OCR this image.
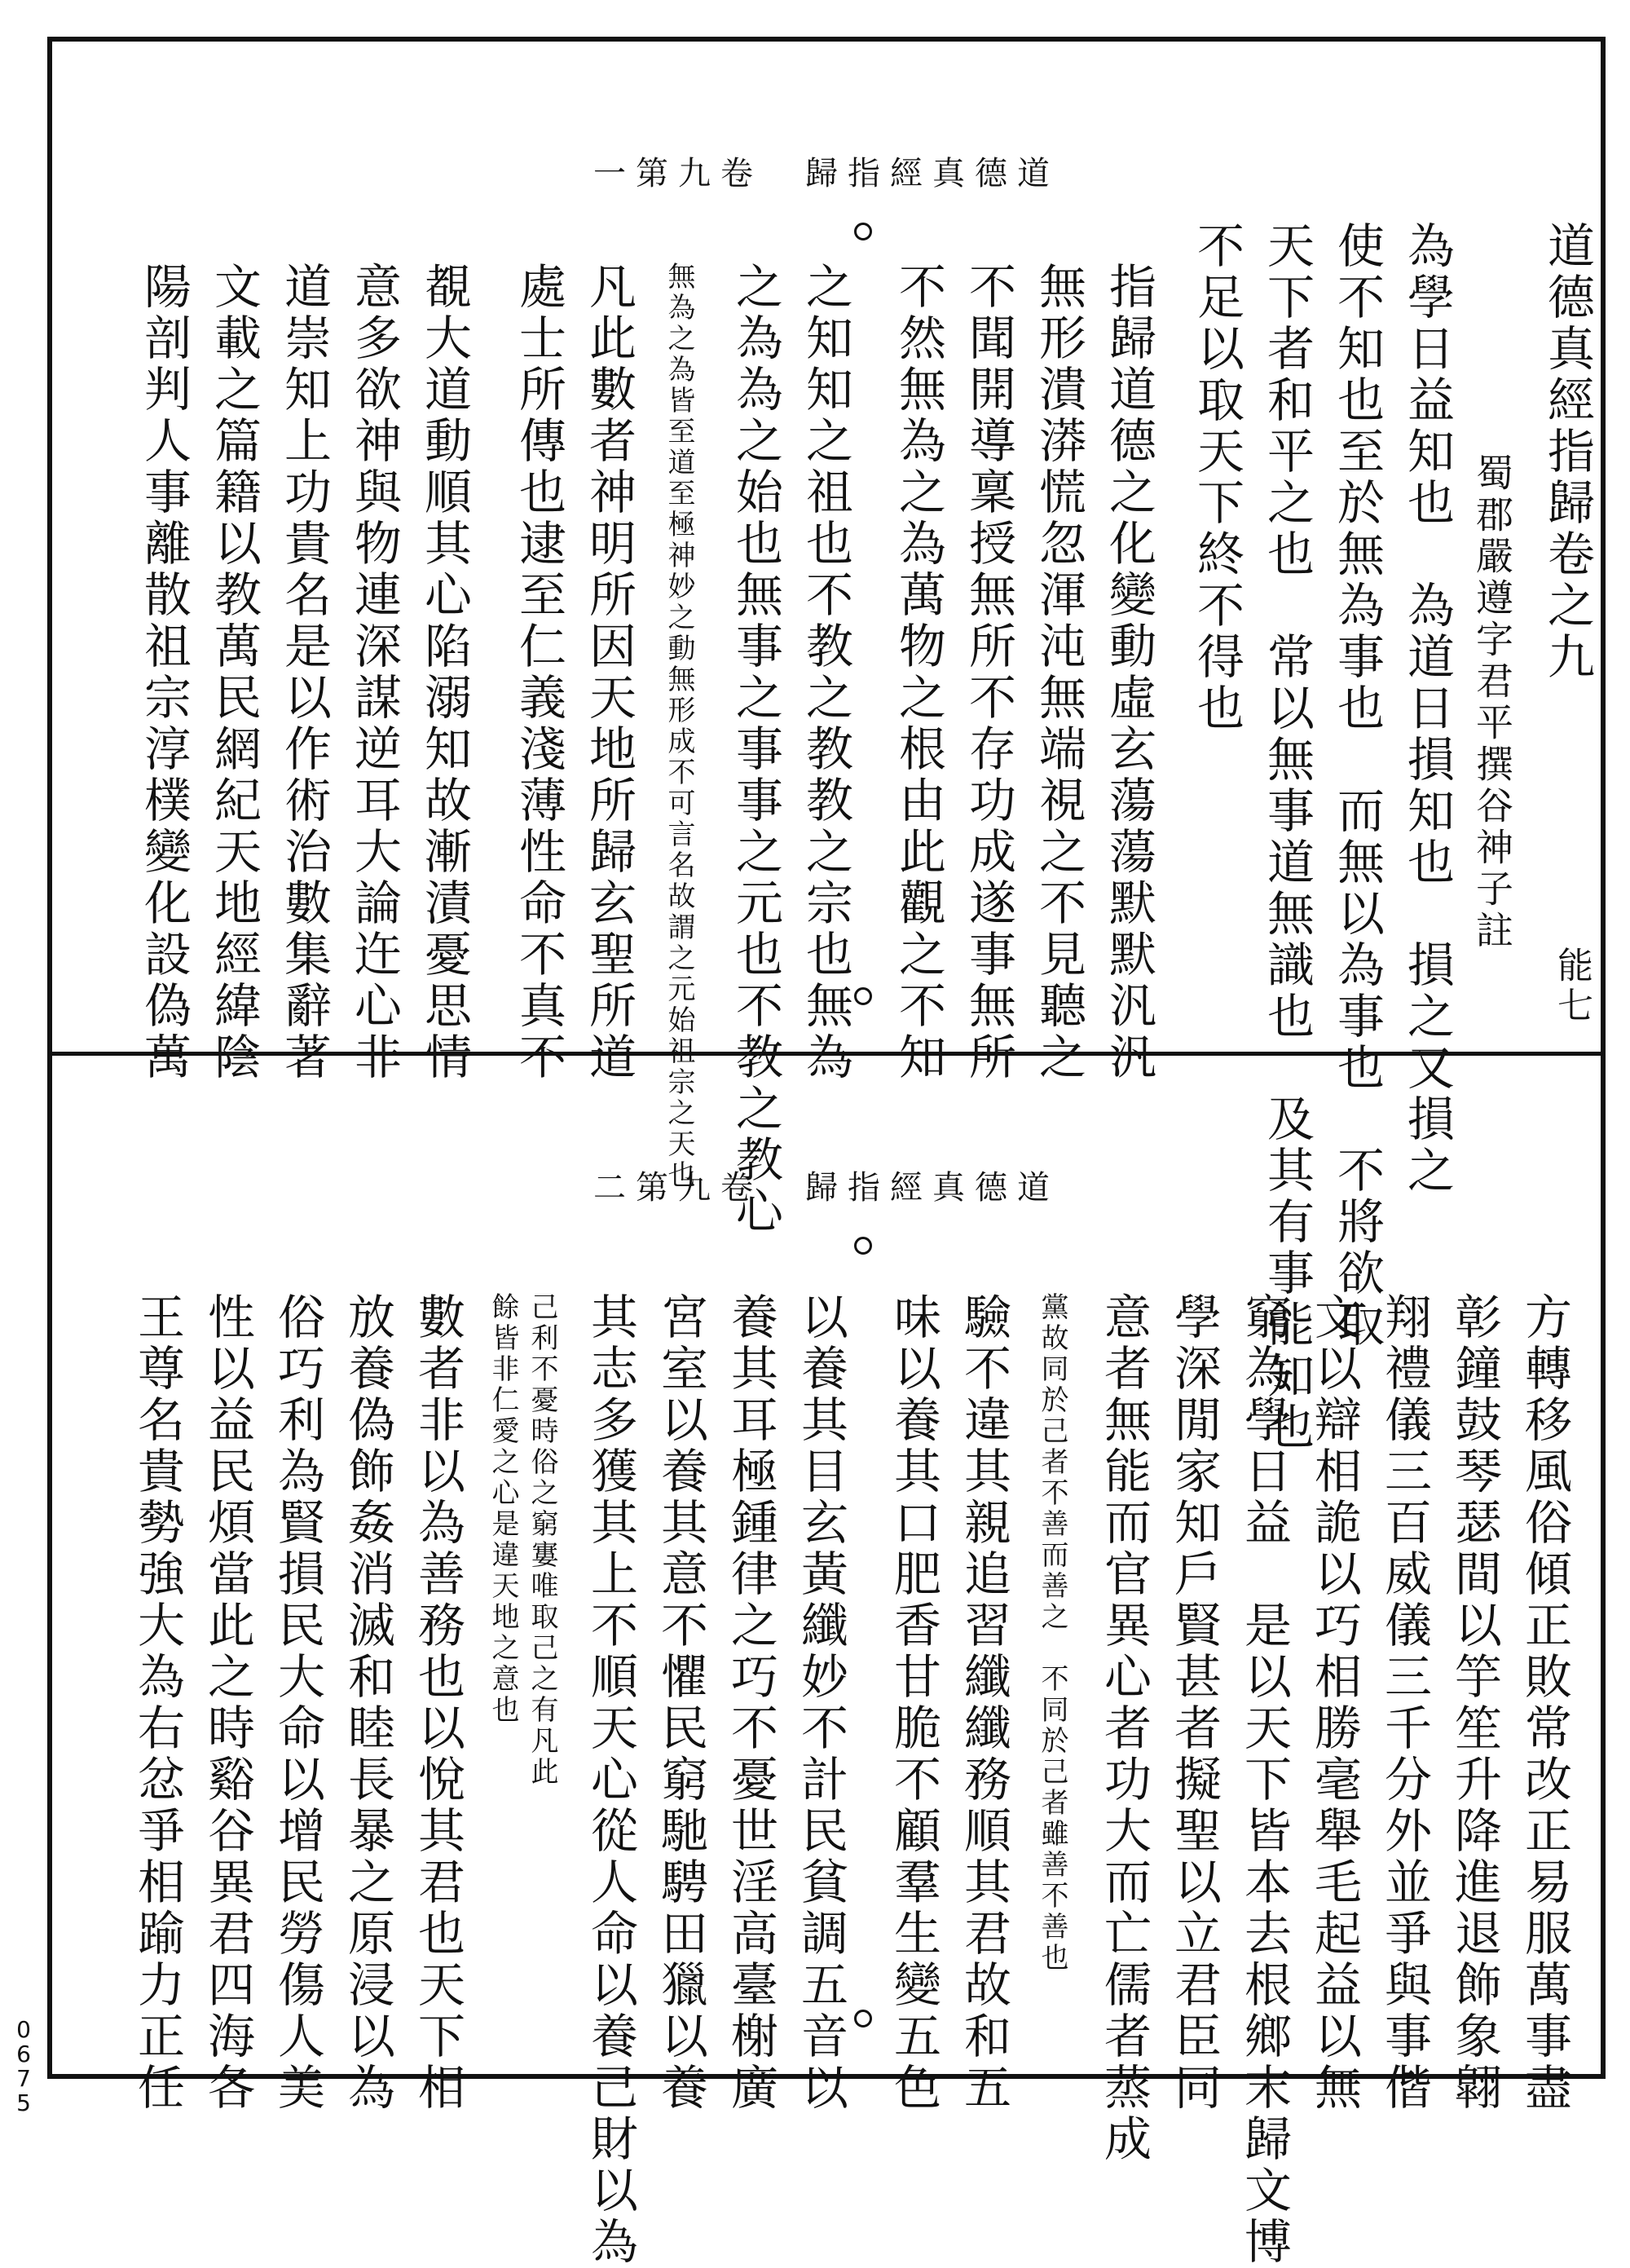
一第九卷　歸指經真德道
道德真經指歸卷之九
能七
蜀郡嚴遵字君平撰谷神子註
為學日益知也　為道日損知也　損之又損之
使不知也至於無為事也　而無以為事也　不將欲取
天下者和平之也　常以無事道無識也　及其有事能知也
不足以取天下終不得也
指歸道德之化變動虛玄蕩蕩默默汎汎
無形潰漭慌忽渾沌無端視之不見聽之
不聞開導稟授無所不存功成遂事無所
不然無為之為萬物之根由此觀之不知
之知知之祖也不教之教教之宗也無為
之為為之始也無事之事事之元也不教之教心
無為之為皆至道至極神妙之動無形成不可言名故謂之元始祖宗之天也
凡此數者神明所因天地所歸玄聖所道
處士所傳也逮至仁義淺薄性命不真不
覩大道動順其心陷溺知故漸漬憂思情
意多欲神與物連深謀逆耳大論迕心非
道崇知上功貴名是以作術治數集辭著
文載之篇籍以教萬民網紀天地經緯陰
陽剖判人事離散祖宗淳樸變化設偽萬
二第九卷　歸指經真德道
方轉移風俗傾正敗常改正易服萬事盡
彰鐘鼓琴瑟間以竽笙升降進退飾象翺
翔禮儀三百威儀三千分外並爭與事偕
文以辯相詭以巧相勝毫舉毛起益以無
窮為學日益　是以天下皆本去根鄉末歸文博
學深閒家知戶賢甚者擬聖以立君臣同
意者無能而官異心者功大而亡儒者蒸成
黨故同於己者不善而善之　不同於己者雖善不善也
驗不違其親追習纖纖務順其君故和五
味以養其口肥香甘脆不顧羣生變五色
以養其目玄黃纖妙不計民貧調五音以
養其耳極鍾律之巧不憂世淫高臺榭廣
宮室以養其意不懼民窮馳騁田獵以養
其志多獲其上不順天心從人命以養己財以為
己利不憂時俗之窮寠唯取己之有凡此
餘皆非仁愛之心是違天地之意也
數者非以為善務也以悅其君也天下相
放養偽飾姦消滅和睦長暴之原浸以為
俗巧利為賢損民大命以增民勞傷人美
性以益民煩當此之時谿谷異君四海各
王尊名貴勢強大為右忿爭相踰力正任
0
6
7
5
